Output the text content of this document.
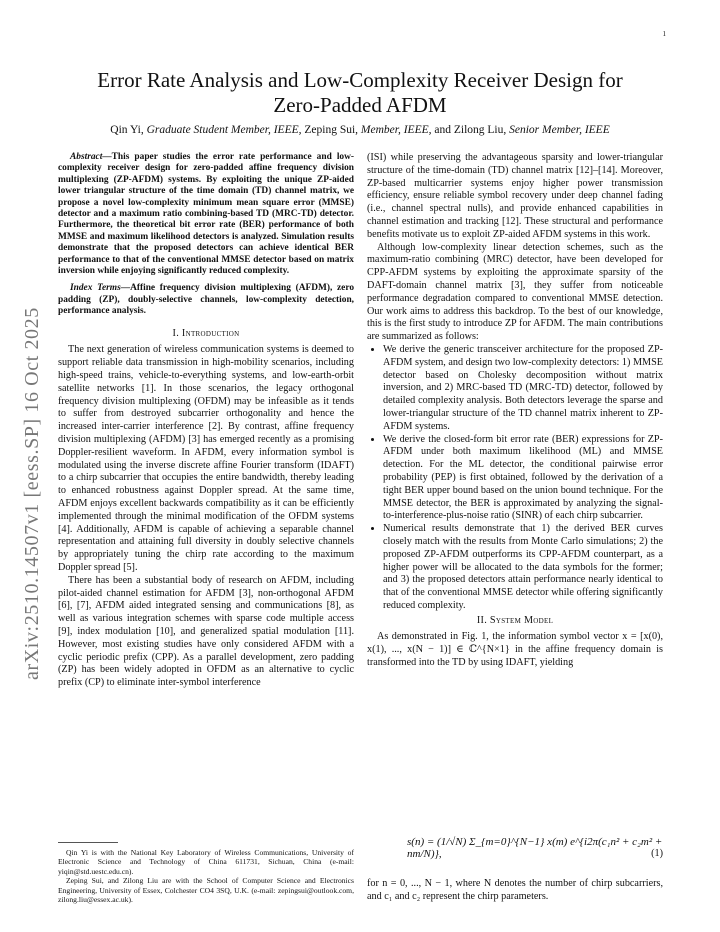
1
arXiv:2510.14507v1 [eess.SP] 16 Oct 2025
Error Rate Analysis and Low-Complexity Receiver Design for Zero-Padded AFDM
Qin Yi, Graduate Student Member, IEEE, Zeping Sui, Member, IEEE, and Zilong Liu, Senior Member, IEEE
Abstract—This paper studies the error rate performance and low-complexity receiver design for zero-padded affine frequency division multiplexing (ZP-AFDM) systems. By exploiting the unique ZP-aided lower triangular structure of the time domain (TD) channel matrix, we propose a novel low-complexity minimum mean square error (MMSE) detector and a maximum ratio combining-based TD (MRC-TD) detector. Furthermore, the theoretical bit error rate (BER) performance of both MMSE and maximum likelihood detectors is analyzed. Simulation results demonstrate that the proposed detectors can achieve identical BER performance to that of the conventional MMSE detector based on matrix inversion while enjoying significantly reduced complexity.
Index Terms—Affine frequency division multiplexing (AFDM), zero padding (ZP), doubly-selective channels, low-complexity detection, performance analysis.
I. Introduction

The next generation of wireless communication systems is deemed to support reliable data transmission in high-mobility scenarios, including high-speed trains, vehicle-to-everything systems, and low-earth-orbit satellite networks [1]. In those scenarios, the legacy orthogonal frequency division multiplexing (OFDM) may be infeasible as it tends to suffer from destroyed subcarrier orthogonality and hence the increased inter-carrier interference [2]. By contrast, affine frequency division multiplexing (AFDM) [3] has emerged recently as a promising Doppler-resilient waveform. In AFDM, every information symbol is modulated using the inverse discrete affine Fourier transform (IDAFT) to a chirp subcarrier that occupies the entire bandwidth, thereby leading to enhanced robustness against Doppler spread. At the same time, AFDM enjoys excellent backwards compatibility as it can be efficiently implemented through the minimal modification of the OFDM systems [4]. Additionally, AFDM is capable of achieving a separable channel representation and attaining full diversity in doubly selective channels by appropriately tuning the chirp rate according to the maximum Doppler spread [5].

There has been a substantial body of research on AFDM, including pilot-aided channel estimation for AFDM [3], non-orthogonal AFDM [6], [7], AFDM aided integrated sensing and communications [8], as well as various integration schemes with sparse code multiple access [9], index modulation [10], and generalized spatial modulation [11]. However, most existing studies have only considered AFDM with a cyclic periodic prefix (CPP). As a parallel development, zero padding (ZP) has been widely adopted in OFDM as an alternative to cyclic prefix (CP) to eliminate inter-symbol interference

Qin Yi is with the National Key Laboratory of Wireless Communications, University of Electronic Science and Technology of China 611731, Sichuan, China (e-mail: yiqin@std.uestc.edu.cn).

Zeping Sui, and Zilong Liu are with the School of Computer Science and Electronics Engineering, University of Essex, Colchester CO4 3SQ, U.K. (e-mail: zepingsui@outlook.com, zilong.liu@essex.ac.uk).

(ISI) while preserving the advantageous sparsity and lower-triangular structure of the time-domain (TD) channel matrix [12]–[14]. Moreover, ZP-based multicarrier systems enjoy higher power transmission efficiency, ensure reliable symbol recovery under deep channel fading (i.e., channel spectral nulls), and provide enhanced capabilities in channel estimation and tracking [12]. These structural and performance benefits motivate us to exploit ZP-aided AFDM systems in this work.

Although low-complexity linear detection schemes, such as the maximum-ratio combining (MRC) detector, have been developed for CPP-AFDM systems by exploiting the approximate sparsity of the DAFT-domain channel matrix [3], they suffer from noticeable performance degradation compared to conventional MMSE detection. Our work aims to address this backdrop. To the best of our knowledge, this is the first study to introduce ZP for AFDM. The main contributions are summarized as follows:

• We derive the generic transceiver architecture for the proposed ZP-AFDM system, and design two low-complexity detectors: 1) MMSE detector based on Cholesky decomposition without matrix inversion, and 2) MRC-based TD (MRC-TD) detector, followed by detailed complexity analysis. Both detectors leverage the sparse and lower-triangular structure of the TD channel matrix inherent to ZP-AFDM systems.
• We derive the closed-form bit error rate (BER) expressions for ZP-AFDM under both maximum likelihood (ML) and MMSE detection. For the ML detector, the conditional pairwise error probability (PEP) is first obtained, followed by the derivation of a tight BER upper bound based on the union bound technique. For the MMSE detector, the BER is approximated by analyzing the signal-to-interference-plus-noise ratio (SINR) of each chirp subcarrier.
• Numerical results demonstrate that 1) the derived BER curves closely match with the results from Monte Carlo simulations; 2) the proposed ZP-AFDM outperforms its CPP-AFDM counterpart, as a higher power will be allocated to the data symbols for the former; and 3) the proposed detectors attain performance nearly identical to that of the conventional MMSE detector while offering significantly reduced complexity.
II. System Model

As demonstrated in Fig. 1, the information symbol vector x = [x(0), x(1), ..., x(N − 1)] ∈ ℂ^{N×1} in the affine frequency domain is transformed into the TD by using IDAFT, yielding

s(n) = (1/√N) Σ_{m=0}^{N−1} x(m) e^{i2π(c₁n² + c₂m² + nm/N)},	(1)
for n = 0, ..., N − 1, where N denotes the number of chirp subcarriers, and c₁ and c₂ represent the chirp parameters.
